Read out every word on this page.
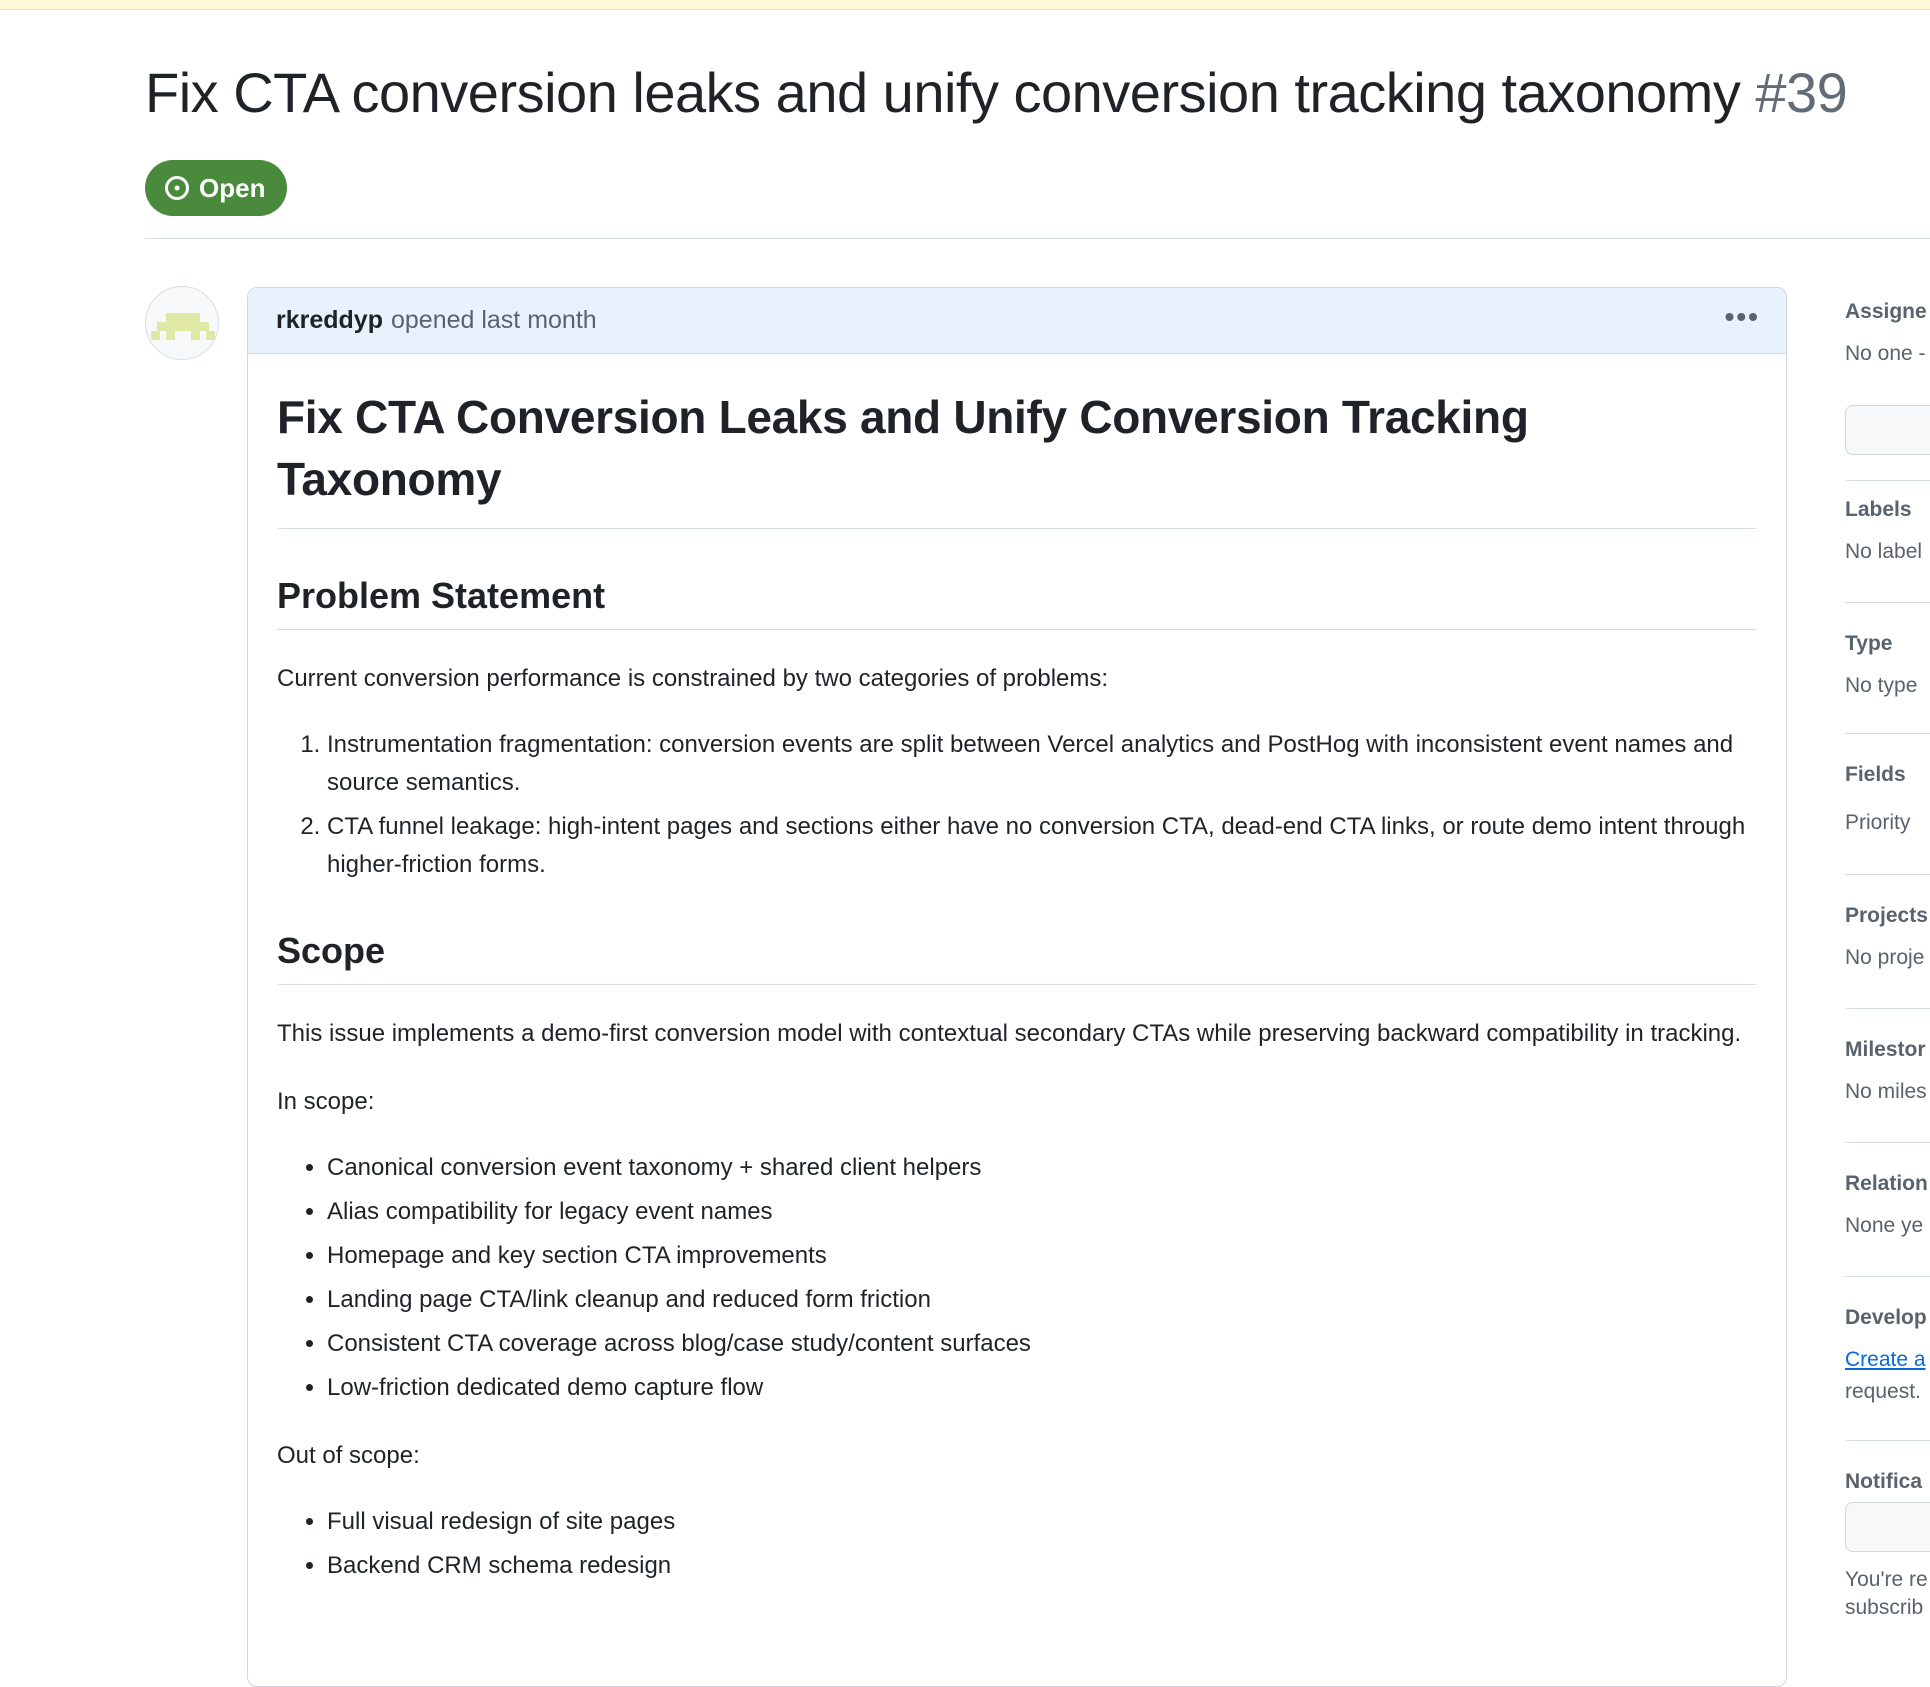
Fix CTA conversion leaks and unify conversion tracking taxonomy #39
Open
rkreddyp opened last month	•••
Fix CTA Conversion Leaks and Unify Conversion Tracking Taxonomy
Problem Statement

Current conversion performance is constrained by two categories of problems:

1. Instrumentation fragmentation: conversion events are split between Vercel analytics and PostHog with inconsistent event names and source semantics.
2. CTA funnel leakage: high-intent pages and sections either have no conversion CTA, dead-end CTA links, or route demo intent through higher-friction forms.
Scope

This issue implements a demo-first conversion model with contextual secondary CTAs while preserving backward compatibility in tracking.

In scope:

• Canonical conversion event taxonomy + shared client helpers
• Alias compatibility for legacy event names
• Homepage and key section CTA improvements
• Landing page CTA/link cleanup and reduced form friction
• Consistent CTA coverage across blog/case study/content surfaces
• Low-friction dedicated demo capture flow

Out of scope:

• Full visual redesign of site pages
• Backend CRM schema redesign
Assigne
No one -
Labels
No label
Type
No type
Fields
Priority
Projects
No proje
Milestor
No miles
Relation
None ye
Develop
Create a
request.
Notifica
You're re
subscrib
